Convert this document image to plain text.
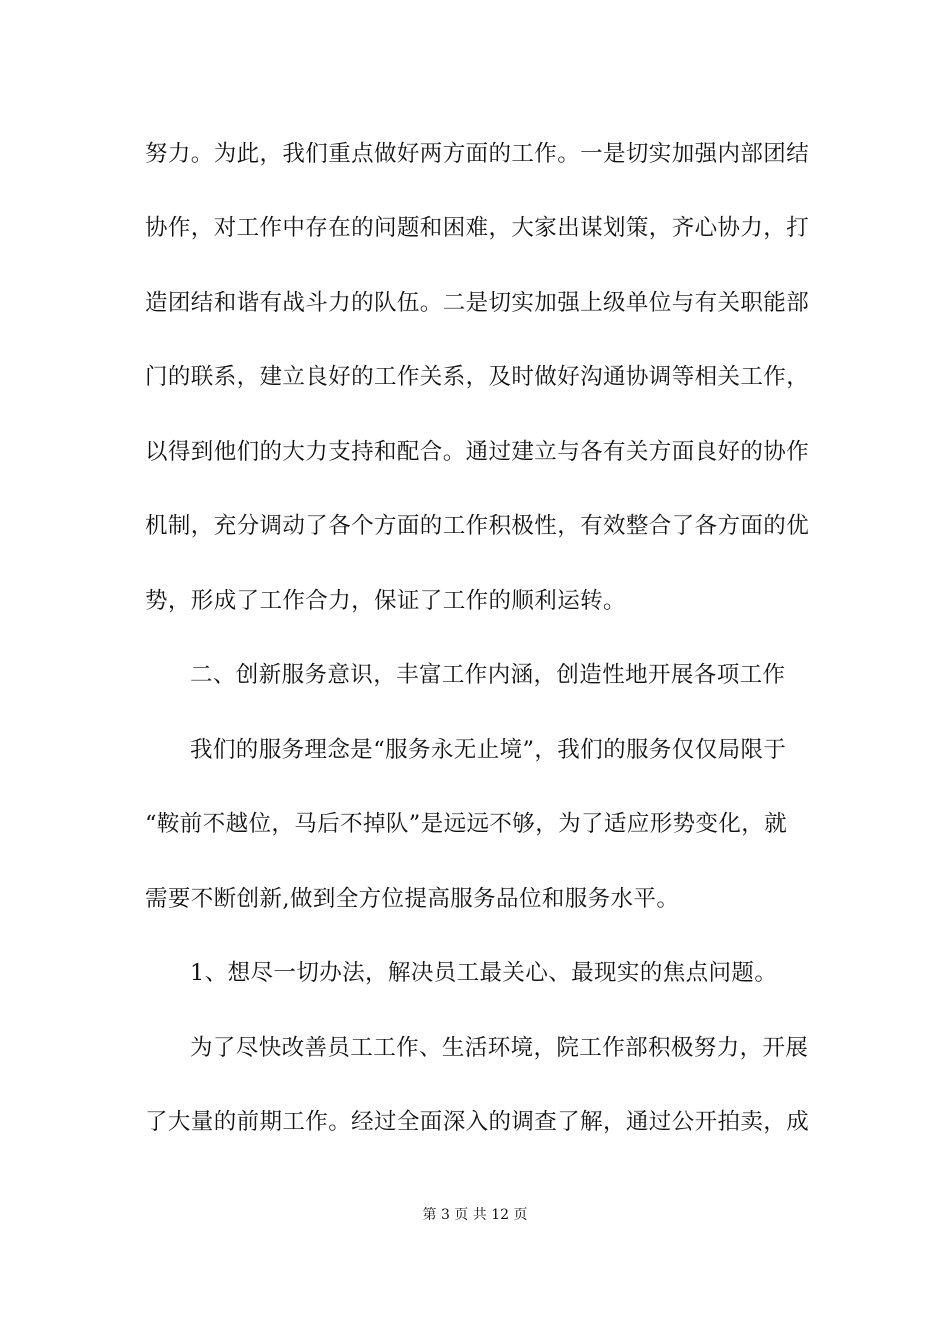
努力。为此，我们重点做好两方面的工作。一是切实加强内部团结
协作，对工作中存在的问题和困难，大家出谋划策，齐心协力，打
造团结和谐有战斗力的队伍。二是切实加强上级单位与有关职能部
门的联系，建立良好的工作关系，及时做好沟通协调等相关工作，
以得到他们的大力支持和配合。通过建立与各有关方面良好的协作
机制，充分调动了各个方面的工作积极性，有效整合了各方面的优
势，形成了工作合力，保证了工作的顺利运转。
二、创新服务意识，丰富工作内涵，创造性地开展各项工作
我们的服务理念是“服务永无止境”，我们的服务仅仅局限于
“鞍前不越位，马后不掉队”是远远不够，为了适应形势变化，就
需要不断创新,做到全方位提高服务品位和服务水平。
1、想尽一切办法，解决员工最关心、最现实的焦点问题。
为了尽快改善员工工作、生活环境，院工作部积极努力，开展
了大量的前期工作。经过全面深入的调查了解，通过公开拍卖，成
第 3 页 共 12 页
